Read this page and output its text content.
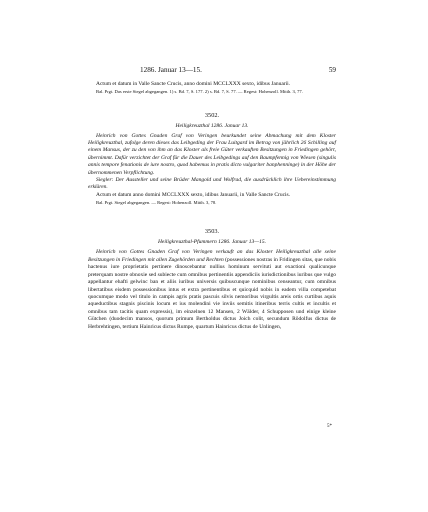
1286. Januar 13—15.	59

Actum et datum in Valle Sancte Crucis, anno domini MCCLXXX sexto, idibus Januarii.

Bal. Prgt. Das erste Siegel abgegangen. 1) s. Bd. 7, S. 177. 2) s. Bd. 7, S. 77. — Regest: Hohenzoll. Mitth. 3, 77.

3502.

Heiligkreuzthal 1286. Januar 13.

Heinrich von Gottes Gnaden Graf von Veringen beurkundet seine Abmachung mit dem Kloster Heiligkreuzthal, zufolge deren dieses das Leibgeding der Frau Luitgard im Betrag von jährlich 26 Schilling auf einem Mansus, der zu den von ihm an das Kloster als freie Güter verkauften Besitzungen in Friedingen gehört, übernimmt. Dafür verzichtet der Graf für die Dauer des Leibgedings auf den Baumpfennig von Wiesen (singulis annis tempore fenationis de iure nostro, quod habemus in pratis dicto vulgariter banphenninge) in der Höhe der übernommenen Verpflichtung.

Siegler: Der Aussteller und seine Brüder Mangold und Wolfrad, die ausdrücklich ihre Uebereinstimmung erklären.

Actum et datum anno domini MCCLXXX sexto, idibus Januarii, in Valle Sancte Crucis.

Bal. Prgt. Siegel abgegangen. — Regest: Hohenzoll. Mitth. 3, 78.

3503.

Heiligkreuzthal-Pfummern 1286. Januar 13—15.

Heinrich von Gottes Gnaden Graf von Veringen verkauft an das Kloster Heiligkreuzthal alle seine Besitzungen in Friedingen mit allen Zugehörden und Rechten (possessiones nostras in Fridingen sitas, que nobis hactenus iure proprietatis pertinere dinoscebantur nullius hominum servituti aut exactioni qualicunque preterquam nostre obnoxie sed subiecte cum omnibus pertinentiis appendiciis iurisdictionibus iuribus que vulgo appellantur ehafti gelwinc ban et aliis iuribus universis quibuscunque nominibus censeantur, cum omnibus libertatibus eisdem possessionibus intus et extra pertinentibus et quicquid nobis in eadem villa competebat quocumque modo vel titulo in campis agris pratis pascuis silvis nemoribus virgultis areis ortis curtibus aquis aqueductibus stagnis piscinis locum et ius molendini vie inviis semitis itineribus terris cultis et incultis et omnibus tam tacitis quam expressis), im einzelnen 12 Mansen, 2 Wälder, 4 Schupposen und einige kleine Gütchen (duodecim mansos, quorum primum Bertholdus dictus Joich colit, secundum Rôdolfus dictus de Herbrehtingen, tertium Hainricus dictus Rumpe, quartum Hainricus dictus de Unlingen,

5*
